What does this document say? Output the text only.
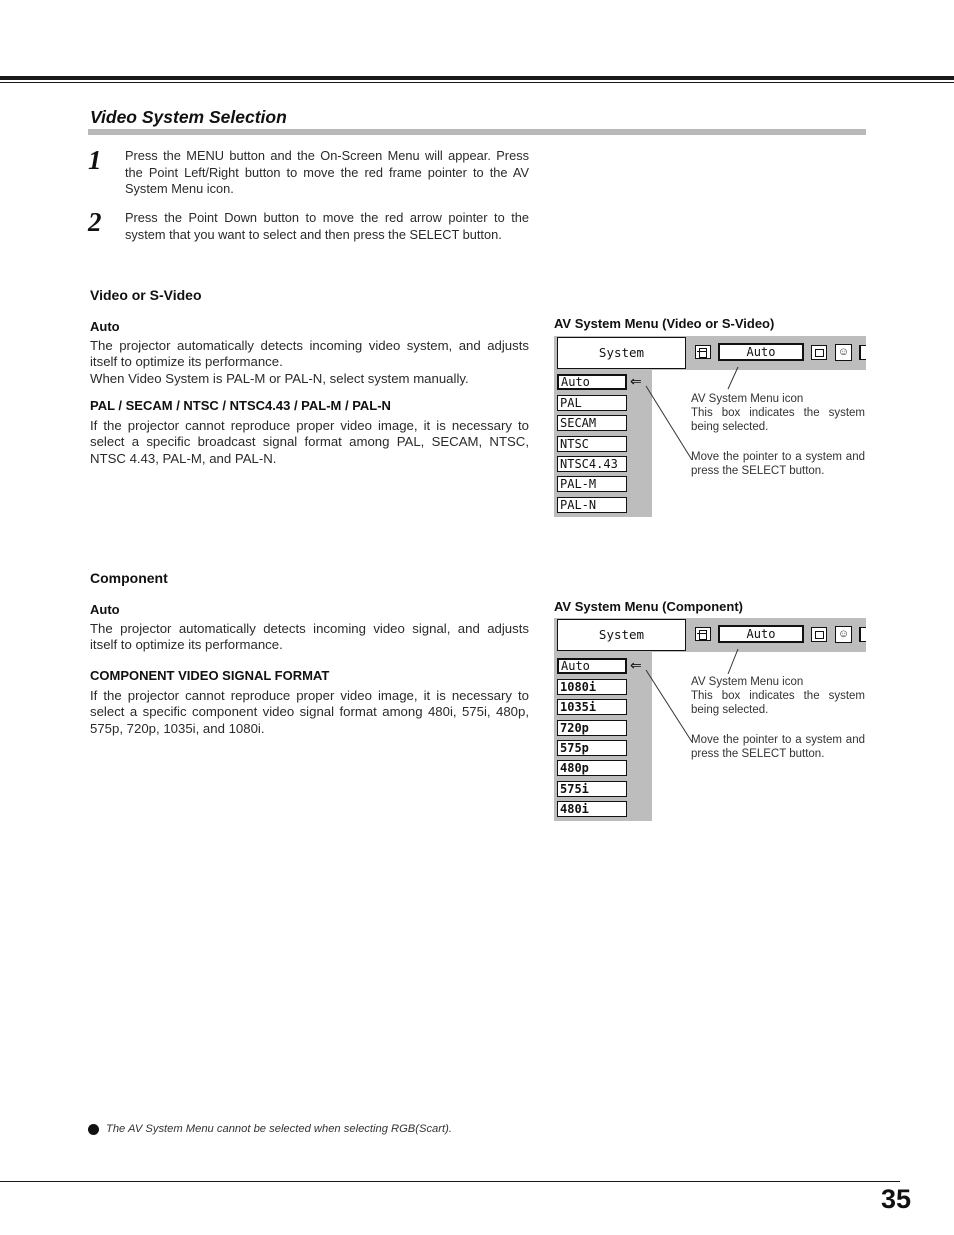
Video System Selection
1 Press the MENU button and the On-Screen Menu will appear. Press the Point Left/Right button to move the red frame pointer to the AV System Menu icon.
2 Press the Point Down button to move the red arrow pointer to the system that you want to select and then press the SELECT button.
Video or S-Video
Auto
The projector automatically detects incoming video system, and adjusts itself to optimize its performance.
When Video System is PAL-M or PAL-N, select system manually.
PAL / SECAM / NTSC / NTSC4.43 / PAL-M / PAL-N
If the projector cannot reproduce proper video image, it is necessary to select a specific broadcast signal format among PAL, SECAM, NTSC, NTSC 4.43, PAL-M, and PAL-N.
AV System Menu (Video or S-Video)
System	Auto	☺
Auto
PAL
SECAM
NTSC
NTSC4.43
PAL-M
PAL-N
⇐
AV System Menu icon
This box indicates the system being selected.
Move the pointer to a system and press the SELECT button.
Component
Auto
The projector automatically detects incoming video signal, and adjusts itself to optimize its performance.
COMPONENT VIDEO SIGNAL FORMAT
If the projector cannot reproduce proper video image, it is necessary to select a specific component video signal format among 480i, 575i, 480p, 575p, 720p, 1035i, and 1080i.
AV System Menu (Component)
System	Auto	☺
Auto
1080i
1035i
720p
575p
480p
575i
480i
⇐
AV System Menu icon
This box indicates the system being selected.
Move the pointer to a system and press the SELECT button.
The AV System Menu cannot be selected when selecting RGB(Scart).
35
